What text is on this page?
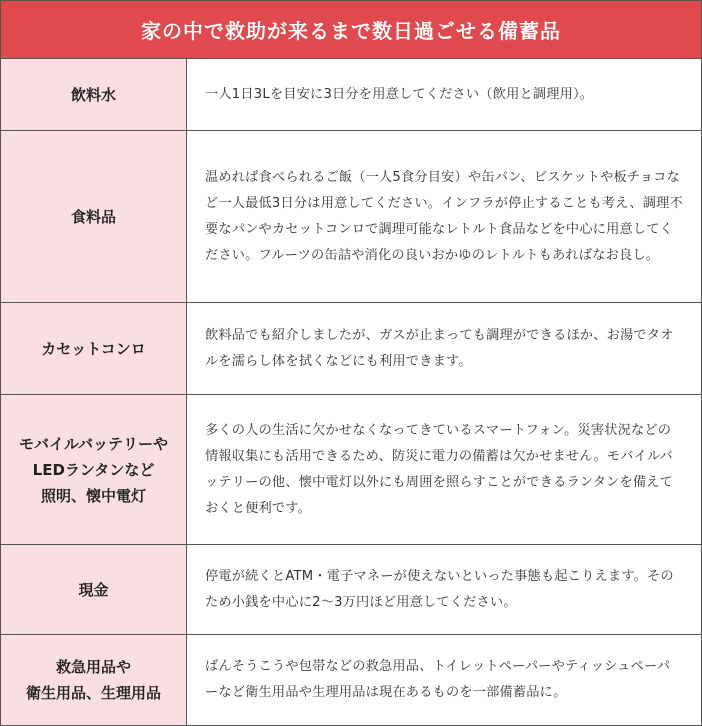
家の中で救助が来るまで数日過ごせる備蓄品
飲料水	一人1日3Lを目安に3日分を用意してください（飲用と調理用）。
食料品
温めれば食べられるご飯（一人5食分目安）や缶パン、ビスケットや板チョコなど一人最低3日分は用意してください。インフラが停止することも考え、調理不要なパンやカセットコンロで調理可能なレトルト食品などを中心に用意してください。フルーツの缶詰や消化の良いおかゆのレトルトもあればなお良し。
カセットコンロ
飲料品でも紹介しましたが、ガスが止まっても調理ができるほか、お湯でタオルを濡らし体を拭くなどにも利用できます。
モバイルバッテリーや
LEDランタンなど
照明、懐中電灯
多くの人の生活に欠かせなくなってきているスマートフォン。災害状況などの情報収集にも活用できるため、防災に電力の備蓄は欠かせません。モバイルバッテリーの他、懐中電灯以外にも周囲を照らすことができるランタンを備えておくと便利です。
現金
停電が続くとATM・電子マネーが使えないといった事態も起こりえます。そのため小銭を中心に2〜3万円ほど用意してください。
救急用品や
衛生用品、生理用品
ばんそうこうや包帯などの救急用品、トイレットペーパーやティッシュペーパーなど衛生用品や生理用品は現在あるものを一部備蓄品に。
